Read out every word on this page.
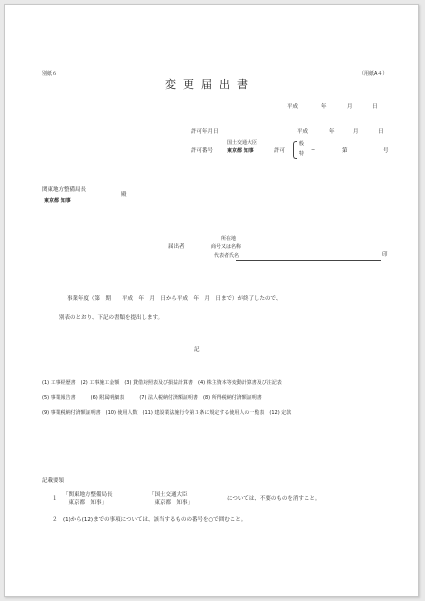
別紙６	（用紙A４）
変更届出書
平成	年	月	日
許可年月日	平成	年	月	日
国土交通大臣
許可番号	東京都 知事	許可
般
−
特	第	号
関東地方整備局長
殿
東京都 知事
所在地
届出者	商号又は名称
代表者氏名	印
事業年度（第　期　　平成　年　月　日から平成　年　月　日まで）が終了したので、
別表のとおり、下記の書類を提出します。
記
(1) 工事経歴書　(2) 工事施工金額　(3) 貸借対照表及び損益計算書　(4) 株主資本等変動計算書及び注記表
(5) 事業報告書　　　(6) 附属明細表　　　(7) 法人税納付済額証明書　(8) 所得税納付済額証明書
(9) 事業税納付済額証明書　(10) 使用人数　(11) 建設業法施行令第３条に規定する使用人の一覧表　(12) 定款
記載要領
１
「関東地方整備局長
　東京都　知事」
「国土交通大臣
　東京都　知事」
については、不要のものを消すこと。
２ (1)から(12)までの事項については、該当するものの番号を○で囲むこと。
